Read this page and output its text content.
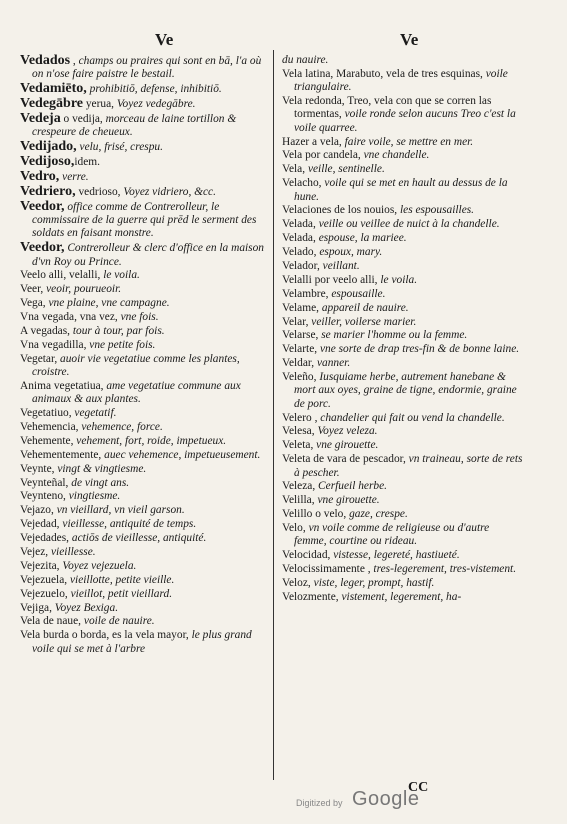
Ve	Ve
Vedados , champs ou praires qui sont en bā, l'a où on n'ose faire paistre le bestail.
Vedamiēto, prohibitiō, defense, inhibitiō.
Vedegābre yerua, Voyez vedegābre.
Vedeja o vedija, morceau de laine tortillon & crespeure de cheueux.
Vedijado, velu, frisé, crespu.
Vedijoso,idem.
Vedro, verre.
Vedriero, vedrioso, Voyez vidriero, &cc.
Veedor, office comme de Contrerolleur, le commissaire de la guerre qui prēd le serment des soldats en faisant monstre.
Veedor, Contrerolleur & clerc d'office en la maison d'vn Roy ou Prince.
Veelo alli, velalli, le voila.
Veer, veoir, pourueoir.
Vega, vne plaine, vne campagne.
Vna vegada, vna vez, vne fois.
A vegadas, tour à tour, par fois.
Vna vegadilla, vne petite fois.
Vegetar, auoir vie vegetatiue comme les plantes, croistre.
Anima vegetatiua, ame vegetatiue commune aux animaux & aux plantes.
Vegetatiuo, vegetatif.
Vehemencia, vehemence, force.
Vehemente, vehement, fort, roide, impetueux.
Vehementemente, auec vehemence, impetueusement.
Veynte, vingt & vingtiesme.
Veynteñal, de vingt ans.
Veynteno, vingtiesme.
Vejazo, vn vieillard, vn vieil garson.
Vejedad, vieillesse, antiquité de temps.
Vejedades, actiōs de vieillesse, antiquité.
Vejez, vieillesse.
Vejezita, Voyez vejezuela.
Vejezuela, vieillotte, petite vieille.
Vejezuelo, vieillot, petit vieillard.
Vejiga, Voyez Bexiga.
Vela de naue, voile de nauire.
Vela burda o borda, es la vela mayor, le plus grand voile qui se met à l'arbre
du nauire.
Vela latina, Marabuto, vela de tres esquinas, voile triangulaire.
Vela redonda, Treo, vela con que se corren las tormentas, voile ronde selon aucuns Treo c'est la voile quarree.
Hazer a vela, faire voile, se mettre en mer.
Vela por candela, vne chandelle.
Vela, veille, sentinelle.
Velacho, voile qui se met en hault au dessus de la hune.
Velaciones de los nouios, les espousailles.
Velada, veille ou veillee de nuict à la chandelle.
Velada, espouse, la mariee.
Velado, espoux, mary.
Velador, veillant.
Velalli por veelo alli, le voila.
Velambre, espousaille.
Velame, appareil de nauire.
Velar, veiller, voilerse marier.
Velarse, se marier l'homme ou la femme.
Velarte, vne sorte de drap tres-fin & de bonne laine.
Veldar, vanner.
Veleño, Iusquiame herbe, autrement hanebane & mort aux oyes, graine de tigne, endormie, graine de porc.
Velero , chandelier qui fait ou vend la chandelle.
Velesa, Voyez veleza.
Veleta, vne girouette.
Veleta de vara de pescador, vn traineau, sorte de rets à pescher.
Veleza, Cerfueil herbe.
Velilla, vne girouette.
Velillo o velo, gaze, crespe.
Velo, vn voile comme de religieuse ou d'autre femme, courtine ou rideau.
Velocidad, vistesse, legereté, hastiueté.
Velocissimamente , tres-legerement, tres-vistement.
Veloz, viste, leger, prompt, hastif.
Velozmente, vistement, legerement, ha-
CC
Digitized by Google
